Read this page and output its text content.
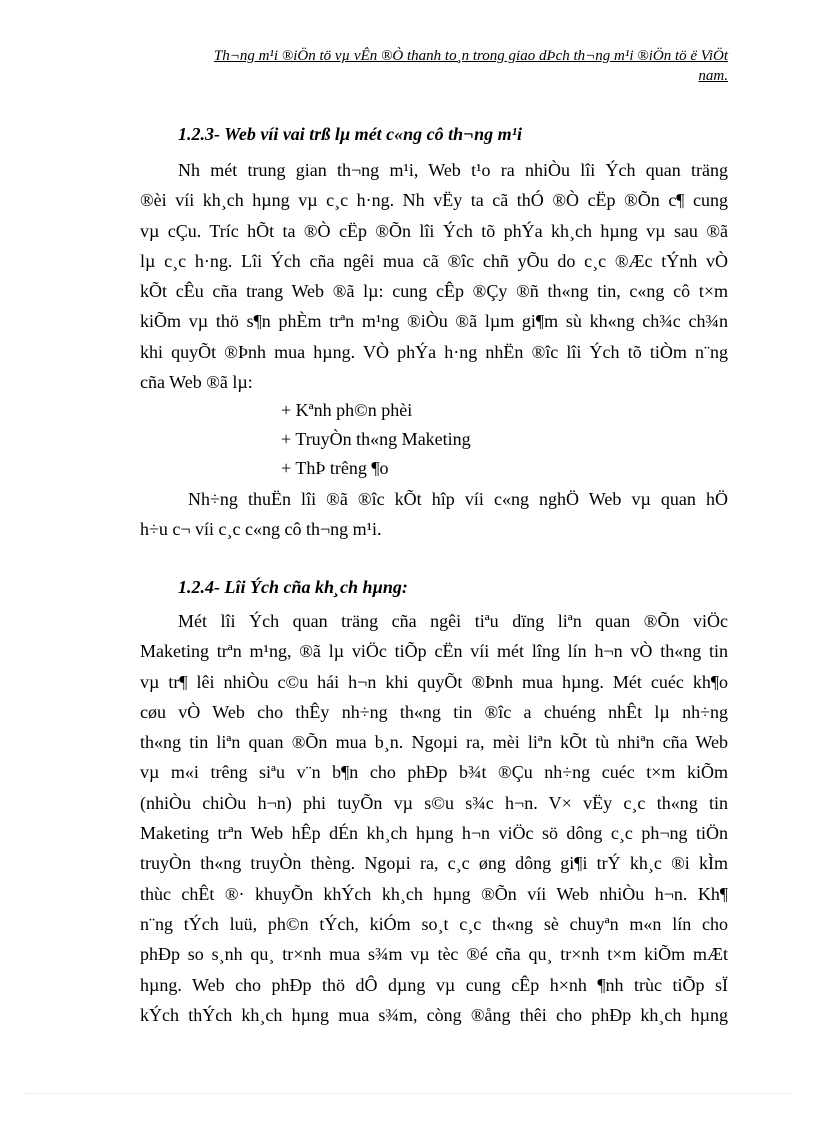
Th¬ng m¹i ®iÖn tö vµ vÊn ®Ò thanh to¸n trong giao dÞch th¬ng m¹i ®iÖn tö ë ViÖt
nam.
1.2.3- Web víi vai trß lµ mét c«ng cô th¬ng m¹i
Nh mét trung gian th¬ng m¹i, Web t¹o ra nhiÒu lîi Ých quan träng
®èi víi kh¸ch hµng vµ c¸c h·ng. Nh vËy ta cã thÓ ®Ò cËp ®Õn c¶ cung
vµ cÇu. Tríc hÕt ta ®Ò cËp ®Õn lîi Ých tõ phÝa kh¸ch hµng vµ sau ®ã
lµ c¸c h·ng. Lîi Ých cña ngêi mua cã ®îc chñ yÕu do c¸c ®Æc tÝnh vÒ
kÕt cÊu cña trang Web ®ã lµ: cung cÊp ®Çy ®ñ th«ng tin, c«ng cô t×m
kiÕm vµ thö s¶n phÈm trªn m¹ng ®iÒu ®ã lµm gi¶m sù kh«ng ch¾c ch¾n
khi quyÕt ®Þnh mua hµng. VÒ phÝa h·ng nhËn ®îc lîi Ých tõ tiÒm n¨ng
cña Web ®ã lµ:
+ Kªnh ph©n phèi
+ TruyÒn th«ng Maketing
+ ThÞ trêng ¶o
Nh÷ng thuËn lîi ®ã ®îc kÕt hîp víi c«ng nghÖ Web vµ quan hÖ
h÷u c¬ víi c¸c c«ng cô th¬ng m¹i.
1.2.4- Lîi Ých cña kh¸ch hµng:
Mét lîi Ých quan träng cña ngêi tiªu dïng liªn quan ®Õn viÖc
Maketing trªn m¹ng, ®ã lµ viÖc tiÕp cËn víi mét lîng lín h¬n vÒ th«ng tin
vµ tr¶ lêi nhiÒu c©u hái h¬n khi quyÕt ®Þnh mua hµng. Mét cuéc kh¶o
cøu vÒ Web cho thÊy nh÷ng th«ng tin ®îc a chuéng nhÊt lµ nh÷ng
th«ng tin liªn quan ®Õn mua b¸n. Ngoµi ra, mèi liªn kÕt tù nhiªn cña Web
vµ m«i trêng siªu v¨n b¶n cho phÐp b¾t ®Çu nh÷ng cuéc t×m kiÕm
(nhiÒu chiÒu h¬n) phi tuyÕn vµ s©u s¾c h¬n. V× vËy c¸c th«ng tin
Maketing trªn Web hÊp dÉn kh¸ch hµng h¬n viÖc sö dông c¸c ph¬ng tiÖn
truyÒn th«ng truyÒn thèng. Ngoµi ra, c¸c øng dông gi¶i trÝ kh¸c ®i kÌm
thùc chÊt ®· khuyÕn khÝch kh¸ch hµng ®Õn víi Web nhiÒu h¬n. Kh¶
n¨ng tÝch luü, ph©n tÝch, kiÓm so¸t c¸c th«ng sè chuyªn m«n lín cho
phÐp so s¸nh qu¸ tr×nh mua s¾m vµ tèc ®é cña qu¸ tr×nh t×m kiÕm mÆt
hµng. Web cho phÐp thö dÔ dµng vµ cung cÊp h×nh ¶nh trùc tiÕp sÏ
kÝch thÝch kh¸ch hµng mua s¾m, còng ®ång thêi cho phÐp kh¸ch hµng
